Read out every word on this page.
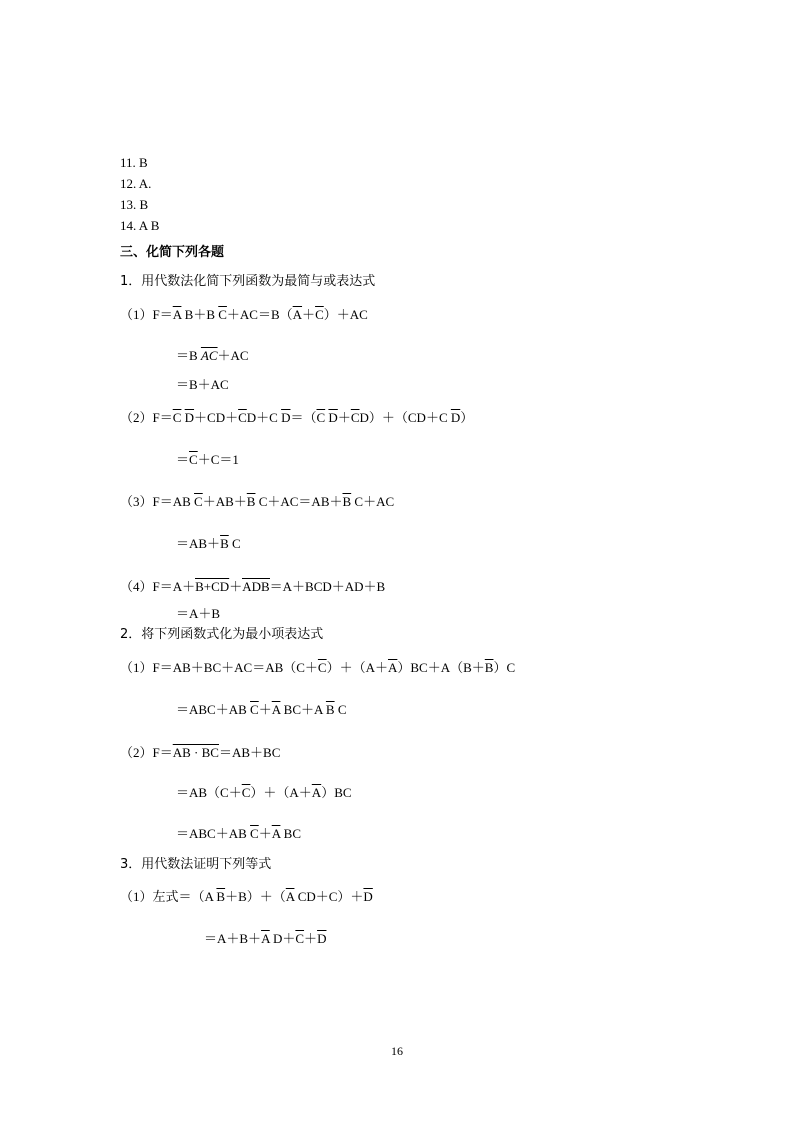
11. B
12. A.
13. B
14. A B
三、化简下列各题
1．用代数法化简下列函数为最简与或表达式
$(1)F=\overline{A}$ B＋B $\overline{C}+AC=B(\overline{A}+\overline{C})+AC$
＝B $\overline{AC}+AC$
＝B＋AC
$(2)F=\overline{C}$ $\overline{D}+CD+\overline{C}D+C$ $\overline{D}=(\overline{C}$ $\overline{D}+\overline{C}D)+(CD+C$ $\overline{D}$）
$=\overline{C}+C=1$
（3）F＝AB $\overline{C}+AB+\overline{B}$ $C+AC=AB+\overline{B}$ C＋AC
$=AB+\overline{B}$ C
$(4)F=A+B+CD+\overline{ADB}=A+BCD+AD+B$
＝A＋B
2．将下列函数式化为最小项表达式
$(1)F=AB+BC+AC=AB(C+\overline{C})+(A+\overline{A})BC+A(B+\overline{B})C$
＝ABC＋AB $\overline{C}+\overline{A}$ BC＋A $\overline{B}$ C
（2）F＝AB · BC＝AB＋BC
$=AB(C+\overline{C})+(A+\overline{A})BC$
＝ABC＋AB $\overline{C}+\overline{A}$ BC
3．用代数法证明下列等式
（1）左式＝（A $\overline{B}+B)+(\overline{A}$ $CD+C)+\overline{D}$
$=A+B+\overline{A}$ $D+\overline{C}+\overline{D}$
16
